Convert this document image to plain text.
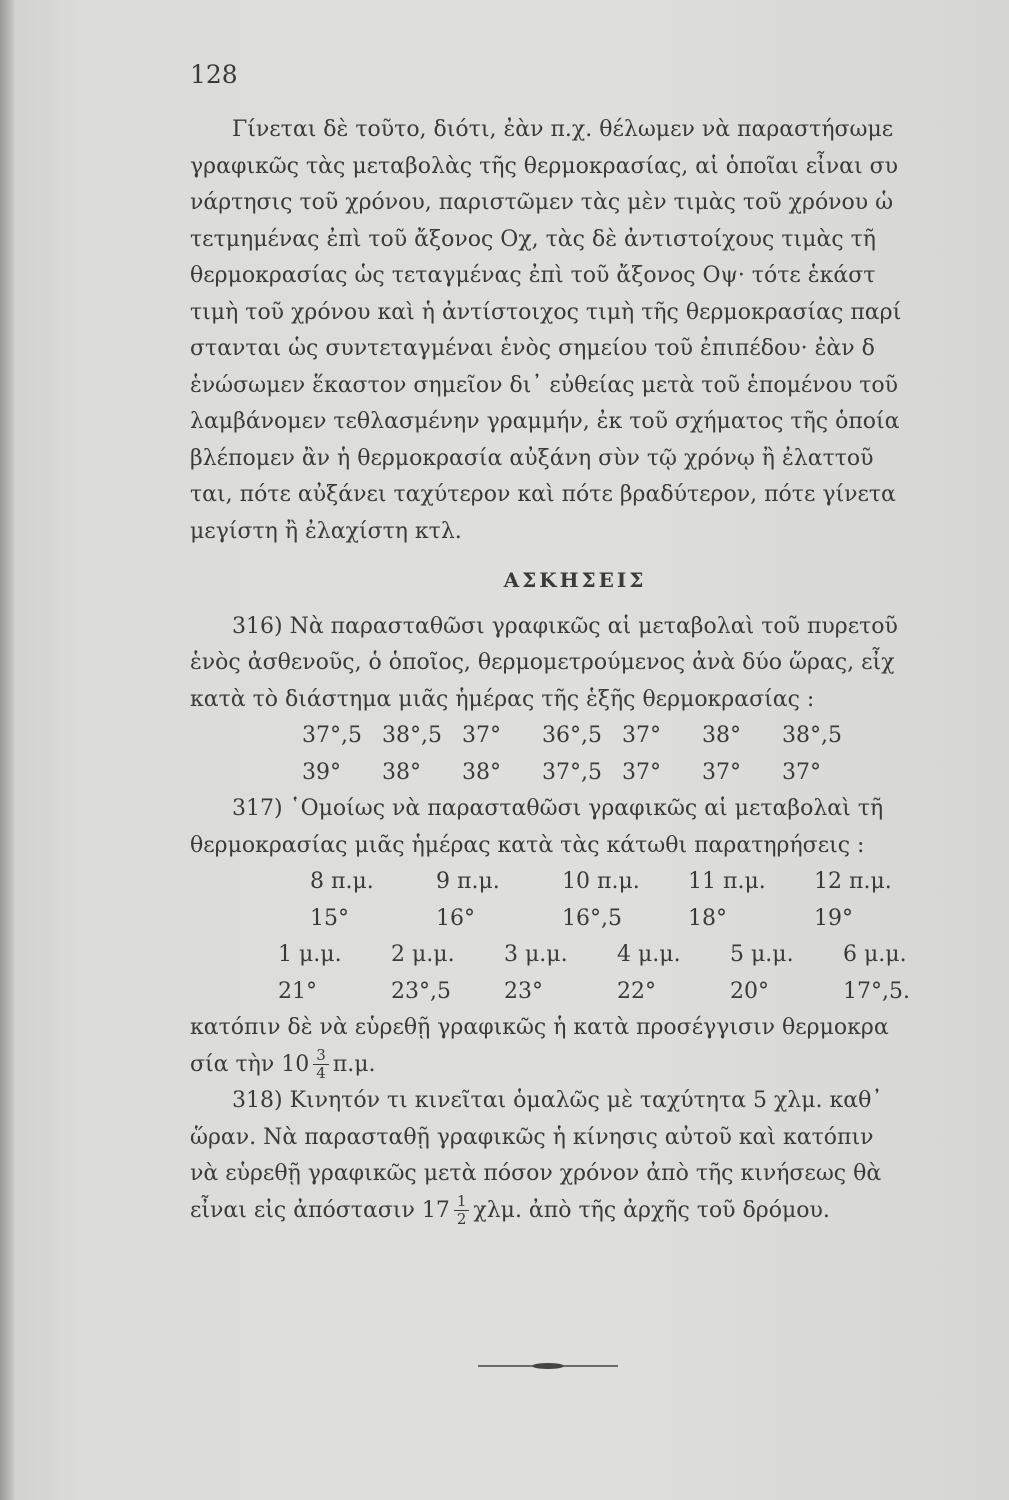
128
Γίνεται δὲ τοῦτο, διότι, ἐὰν π.χ. θέλωμεν νὰ παραστήσωμε
γραφικῶς τὰς μεταβολὰς τῆς θερμοκρασίας, αἱ ὁποῖαι εἶναι συ
νάρτησις τοῦ χρόνου, παριστῶμεν τὰς μὲν τιμὰς τοῦ χρόνου ὡ
τετμημένας ἐπὶ τοῦ ἄξονος Οχ, τὰς δὲ ἀντιστοίχους τιμὰς τῆ
θερμοκρασίας ὡς τεταγμένας ἐπὶ τοῦ ἄξονος Οψ· τότε ἑκάστ
τιμὴ τοῦ χρόνου καὶ ἡ ἀντίστοιχος τιμὴ τῆς θερμοκρασίας παρί
στανται ὡς συντεταγμέναι ἑνὸς σημείου τοῦ ἐπιπέδου· ἐὰν δ
ἑνώσωμεν ἕκαστον σημεῖον δι᾿ εὐθείας μετὰ τοῦ ἑπομένου τοῦ
λαμβάνομεν τεθλασμένην γραμμήν, ἐκ τοῦ σχήματος τῆς ὁποία
βλέπομεν ἂν ἡ θερμοκρασία αὐξάνη σὺν τῷ χρόνῳ ἢ ἐλαττοῦ
ται, πότε αὐξάνει ταχύτερον καὶ πότε βραδύτερον, πότε γίνετα
μεγίστη ἢ ἐλαχίστη κτλ.
ΑΣΚΗΣΕΙΣ
316) Νὰ παρασταθῶσι γραφικῶς αἱ μεταβολαὶ τοῦ πυρετοῦ
ἑνὸς ἀσθενοῦς, ὁ ὁποῖος, θερμομετρούμενος ἀνὰ δύο ὥρας, εἶχ
κατὰ τὸ διάστημα μιᾶς ἡμέρας τῆς ἑξῆς θερμοκρασίας :
37°,5 38°,5 37° 36°,5 37° 38° 38°,5
39° 38° 38° 37°,5 37° 37° 37°
317) ῾Ομοίως νὰ παρασταθῶσι γραφικῶς αἱ μεταβολαὶ τῆ
θερμοκρασίας μιᾶς ἡμέρας κατὰ τὰς κάτωθι παρατηρήσεις :
8 π.μ.	9 π.μ.	10 π.μ. 11 π.μ. 12 π.μ.
15°	16°	16°,5	18°	19°
1 μ.μ. 2 μ.μ. 3 μ.μ. 4 μ.μ. 5 μ.μ. 6 μ.μ.
21°	23°,5 23°	22°	20°	17°,5.
κατόπιν δὲ νὰ εὑρεθῇ γραφικῶς ἡ κατὰ προσέγγισιν θερμοκρα
σία τὴν $10 \frac{3}{4} \pi.\mu$.
318) Κινητόν τι κινεῖται ὁμαλῶς μὲ ταχύτητα 5 χλμ. καθ᾿
ὥραν. Νὰ παρασταθῇ γραφικῶς ἡ κίνησις αὐτοῦ καὶ κατόπιν
νὰ εὑρεθῇ γραφικῶς μετὰ πόσον χρόνον ἀπὸ τῆς κινήσεως θὰ
εἶναι εἰς ἀπόστασιν $17 \frac{1}{2} \chi\lambda\mu$. ἀπὸ τῆς ἀρχῆς τοῦ δρόμου.
